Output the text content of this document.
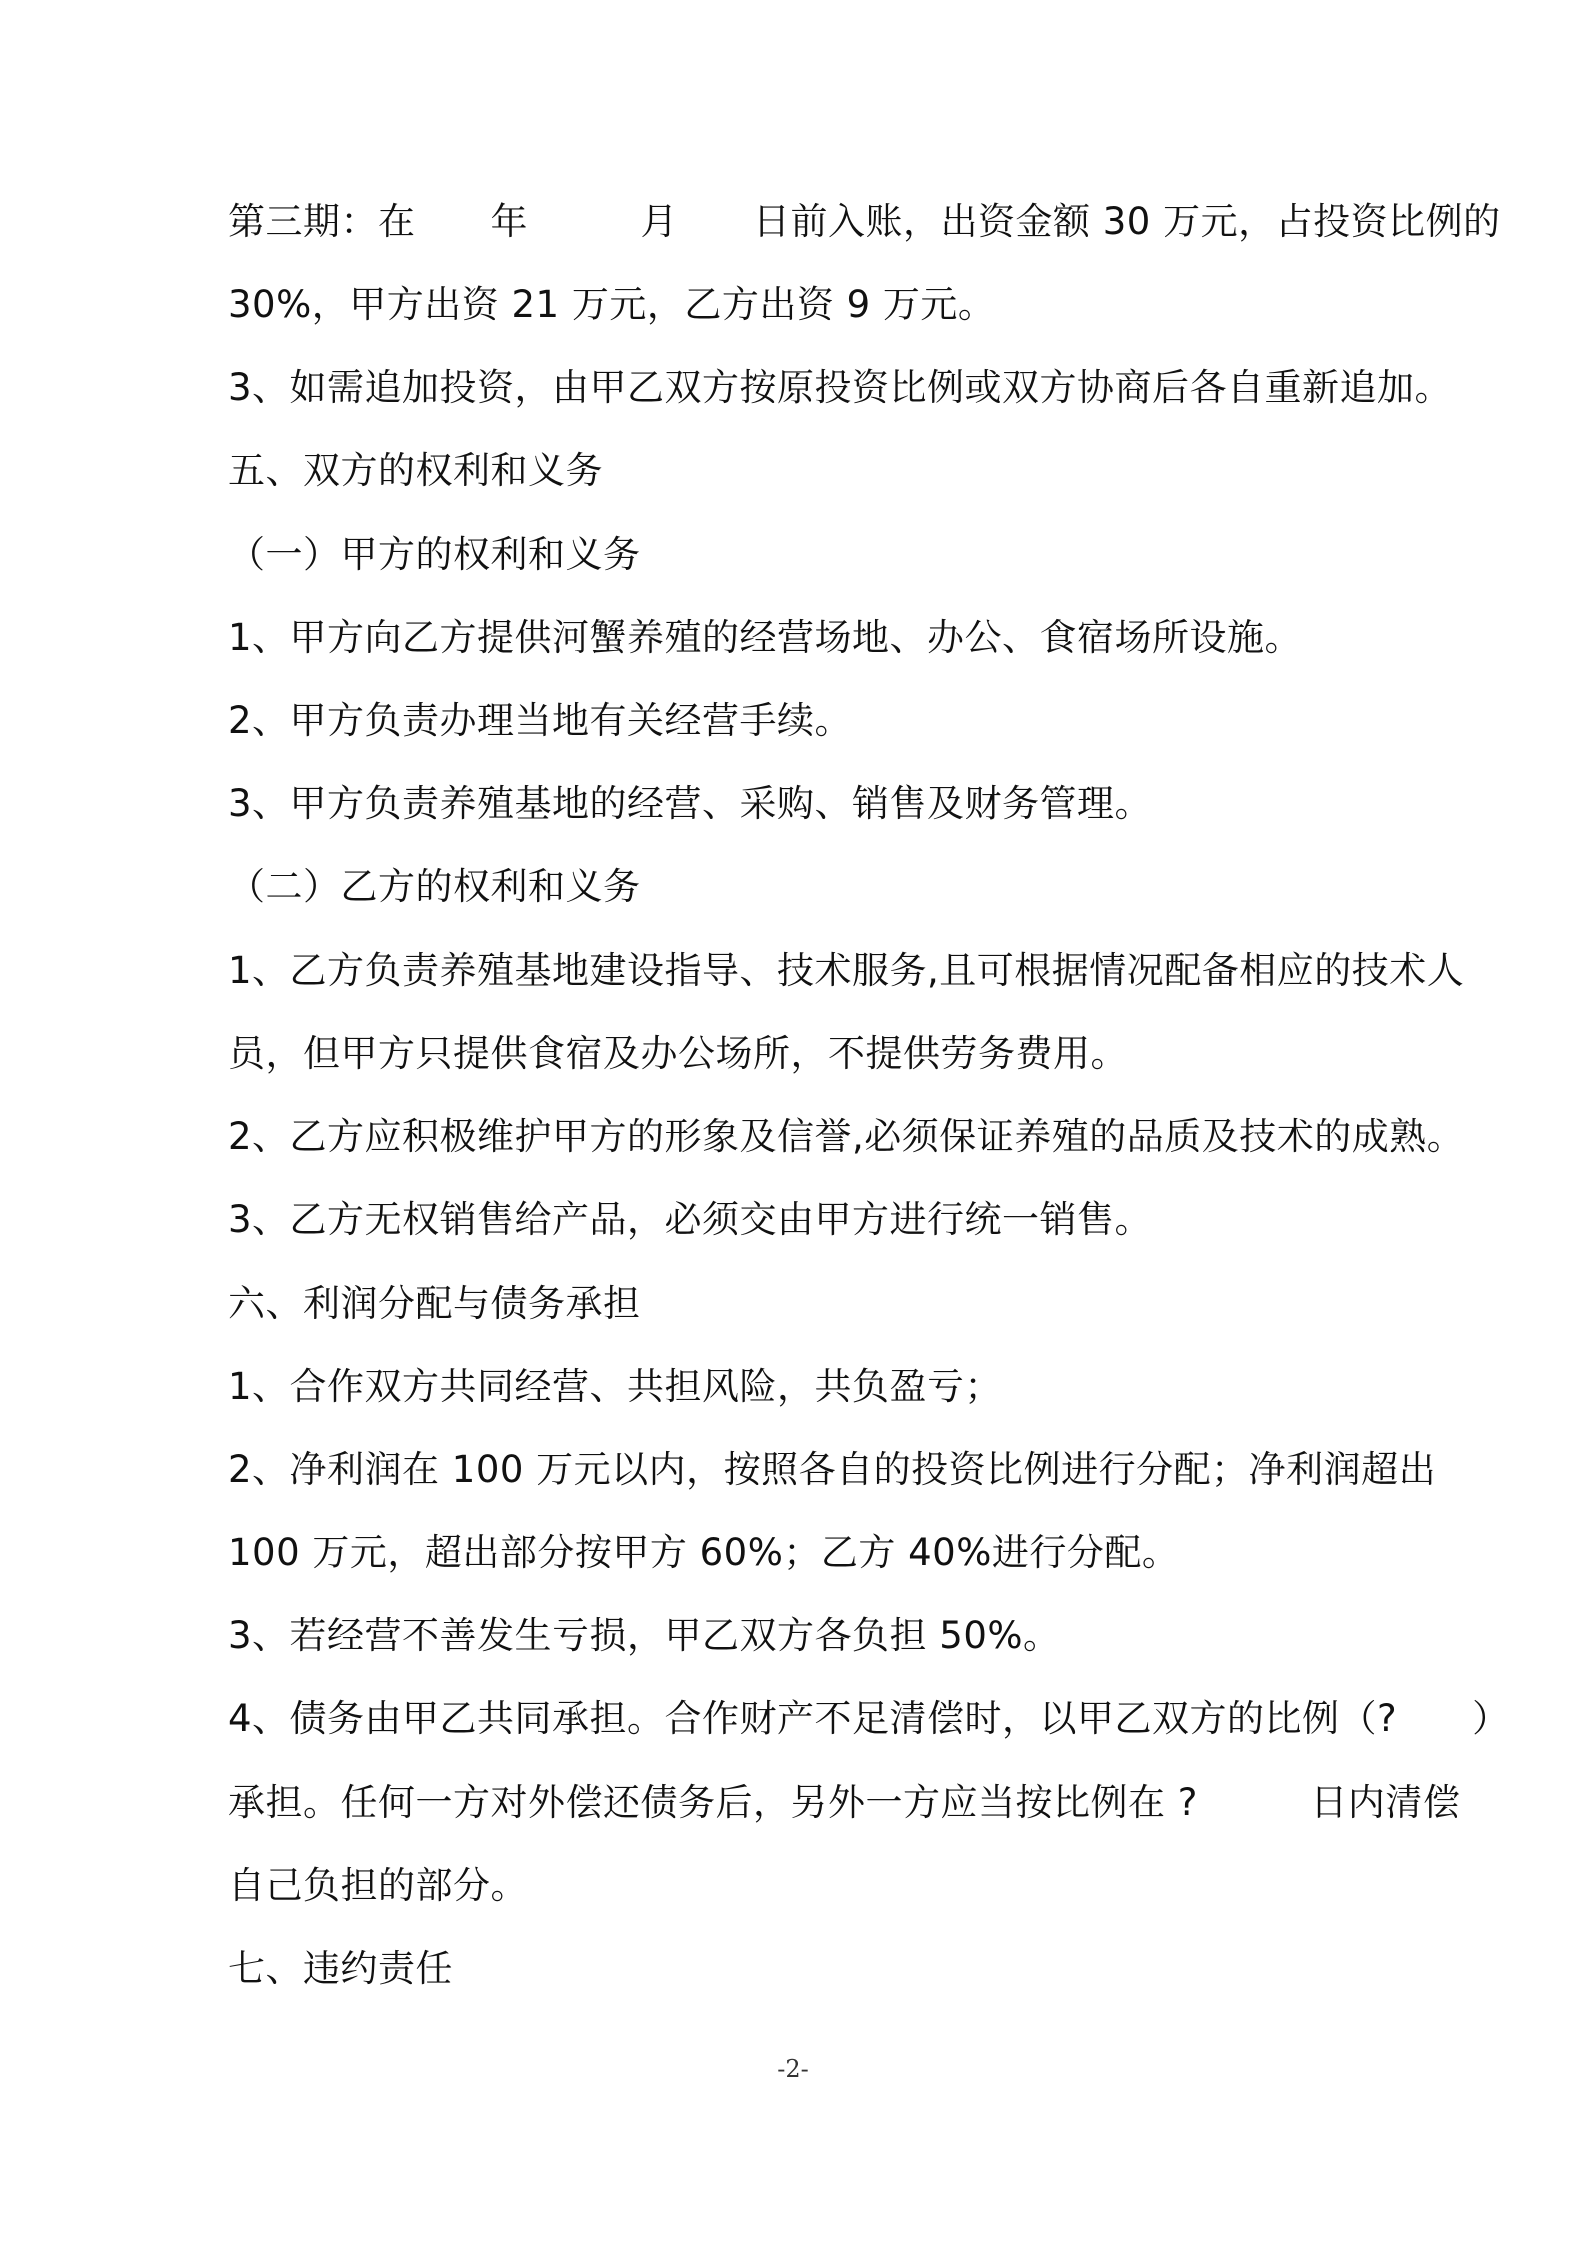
第三期：在　　年　　　月　　日前入账，出资金额 30 万元，占投资比例的
30%，甲方出资 21 万元，乙方出资 9 万元。
3、如需追加投资，由甲乙双方按原投资比例或双方协商后各自重新追加。
五、双方的权利和义务
（一）甲方的权利和义务
1、甲方向乙方提供河蟹养殖的经营场地、办公、食宿场所设施。
2、甲方负责办理当地有关经营手续。
3、甲方负责养殖基地的经营、采购、销售及财务管理。
（二）乙方的权利和义务
1、乙方负责养殖基地建设指导、技术服务,且可根据情况配备相应的技术人
员，但甲方只提供食宿及办公场所，不提供劳务费用。
2、乙方应积极维护甲方的形象及信誉,必须保证养殖的品质及技术的成熟。
3、乙方无权销售给产品，必须交由甲方进行统一销售。
六、利润分配与债务承担
1、合作双方共同经营、共担风险，共负盈亏；
2、净利润在 100 万元以内，按照各自的投资比例进行分配；净利润超出
100 万元，超出部分按甲方 60%；乙方 40%进行分配。
3、若经营不善发生亏损，甲乙双方各负担 50%。
4、债务由甲乙共同承担。合作财产不足清偿时，以甲乙双方的比例（?　　）
承担。任何一方对外偿还债务后，另外一方应当按比例在 ?　　　日内清偿
自己负担的部分。
七、违约责任
-2-
